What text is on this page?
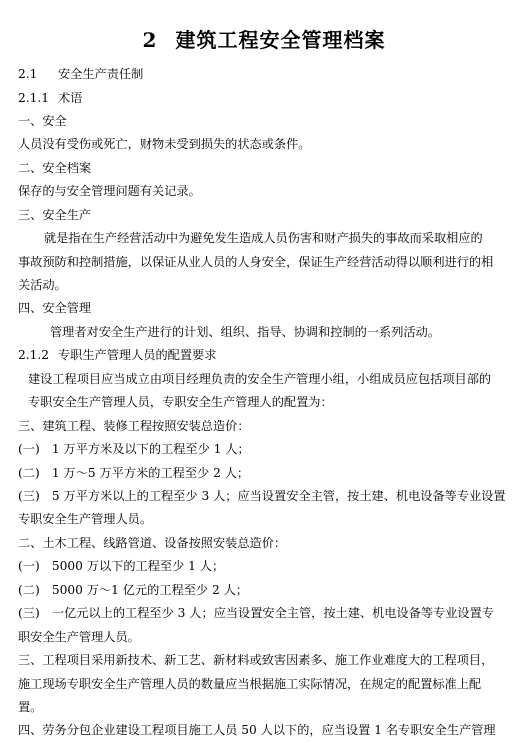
2 建筑工程安全管理档案
2.1 安全生产责任制
2.1.1 术语
一、安全
人员没有受伤或死亡，财物未受到损失的状态或条件。
二、安全档案
保存的与安全管理问题有关记录。
三、安全生产
就是指在生产经营活动中为避免发生造成人员伤害和财产损失的事故而采取相应的
事故预防和控制措施，以保证从业人员的人身安全，保证生产经营活动得以顺利进行的相
关活动。
四、安全管理
管理者对安全生产进行的计划、组织、指导、协调和控制的一系列活动。
2.1.2 专职生产管理人员的配置要求
建设工程项目应当成立由项目经理负责的安全生产管理小组，小组成员应包括项目部的
专职安全生产管理人员，专职安全生产管理人的配置为：
三、建筑工程、装修工程按照安装总造价：
(一)　1 万平方米及以下的工程至少 1 人；
(二)　1 万～5 万平方米的工程至少 2 人；
(三)　5 万平方米以上的工程至少 3 人；应当设置安全主管，按土建、机电设备等专业设置
专职安全生产管理人员。
二、土木工程、线路管道、设备按照安装总造价：
(一)　5000 万以下的工程至少 1 人；
(二)　5000 万～1 亿元的工程至少 2 人；
(三)　一亿元以上的工程至少 3 人；应当设置安全主管，按土建、机电设备等专业设置专
职安全生产管理人员。
三、工程项目采用新技术、新工艺、新材料或致害因素多、施工作业难度大的工程项目，
施工现场专职安全生产管理人员的数量应当根据施工实际情况，在规定的配置标准上配
置。
四、劳务分包企业建设工程项目施工人员 50 人以下的，应当设置 1 名专职安全生产管理
